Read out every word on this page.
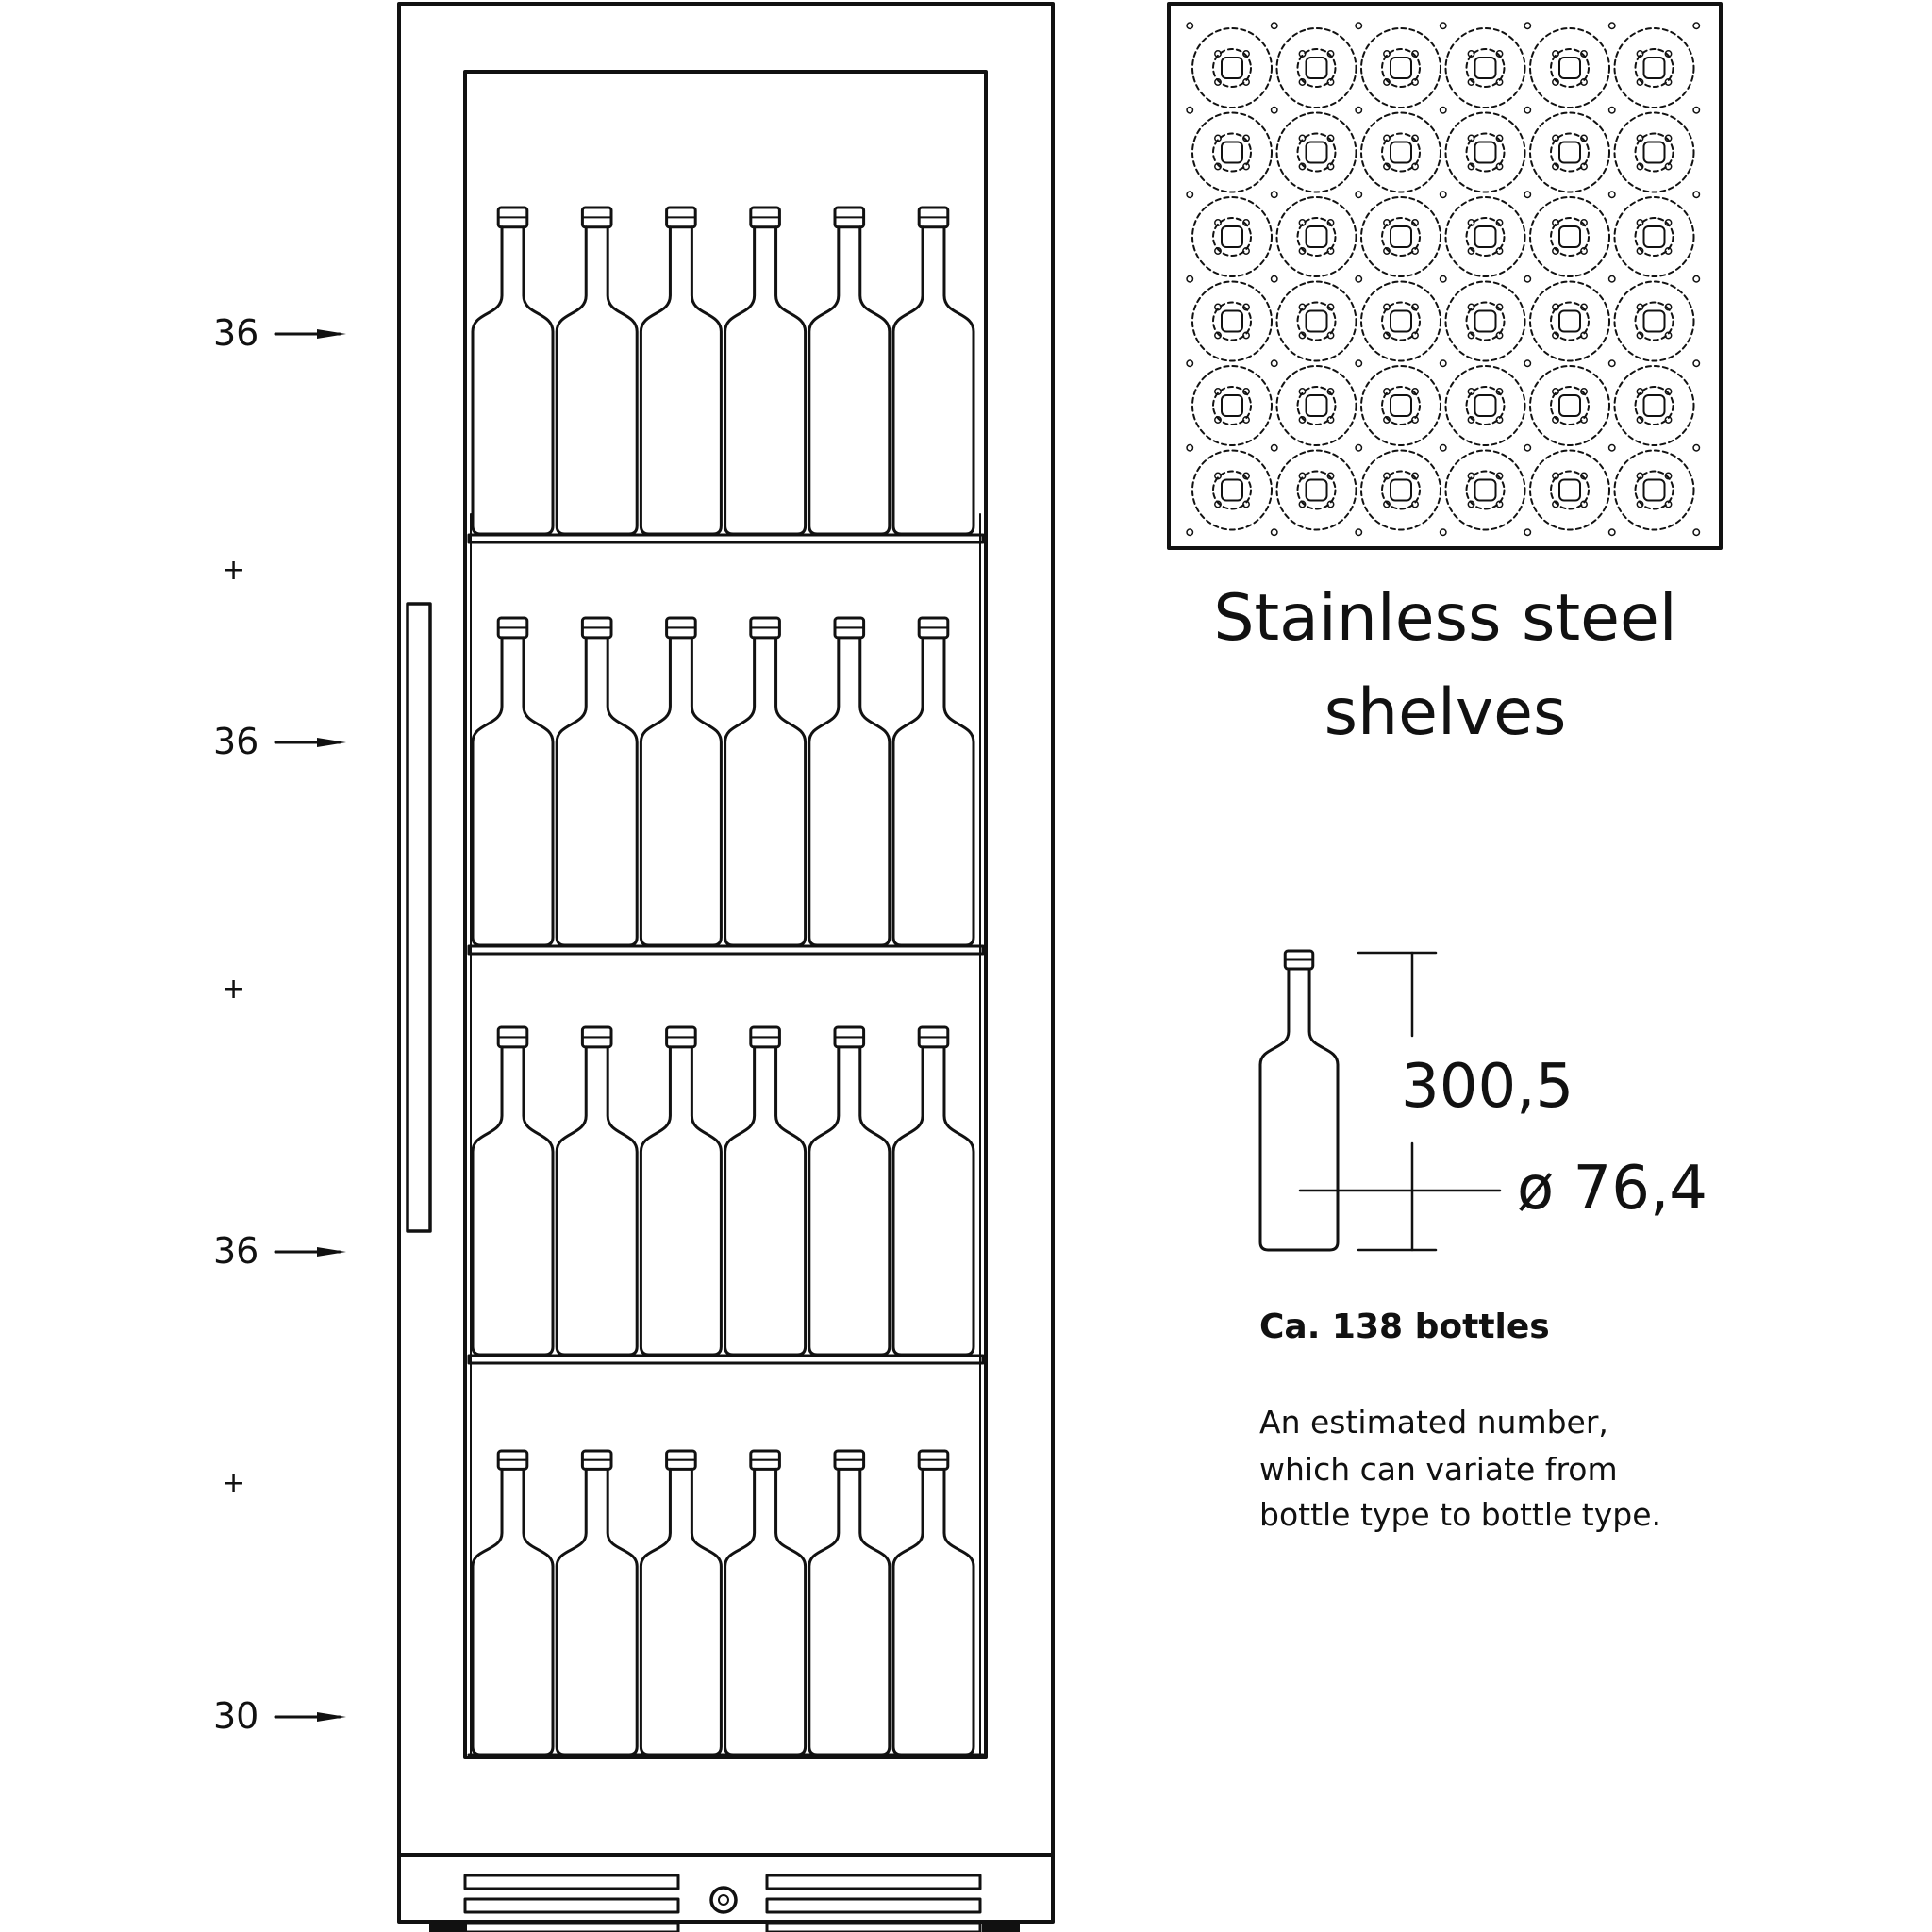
36
+
36
+
36
+
30
Stainless steel
shelves
300,5
ø 76,4
Ca. 138 bottles
An estimated number,
which can variate from
bottle type to bottle type.
